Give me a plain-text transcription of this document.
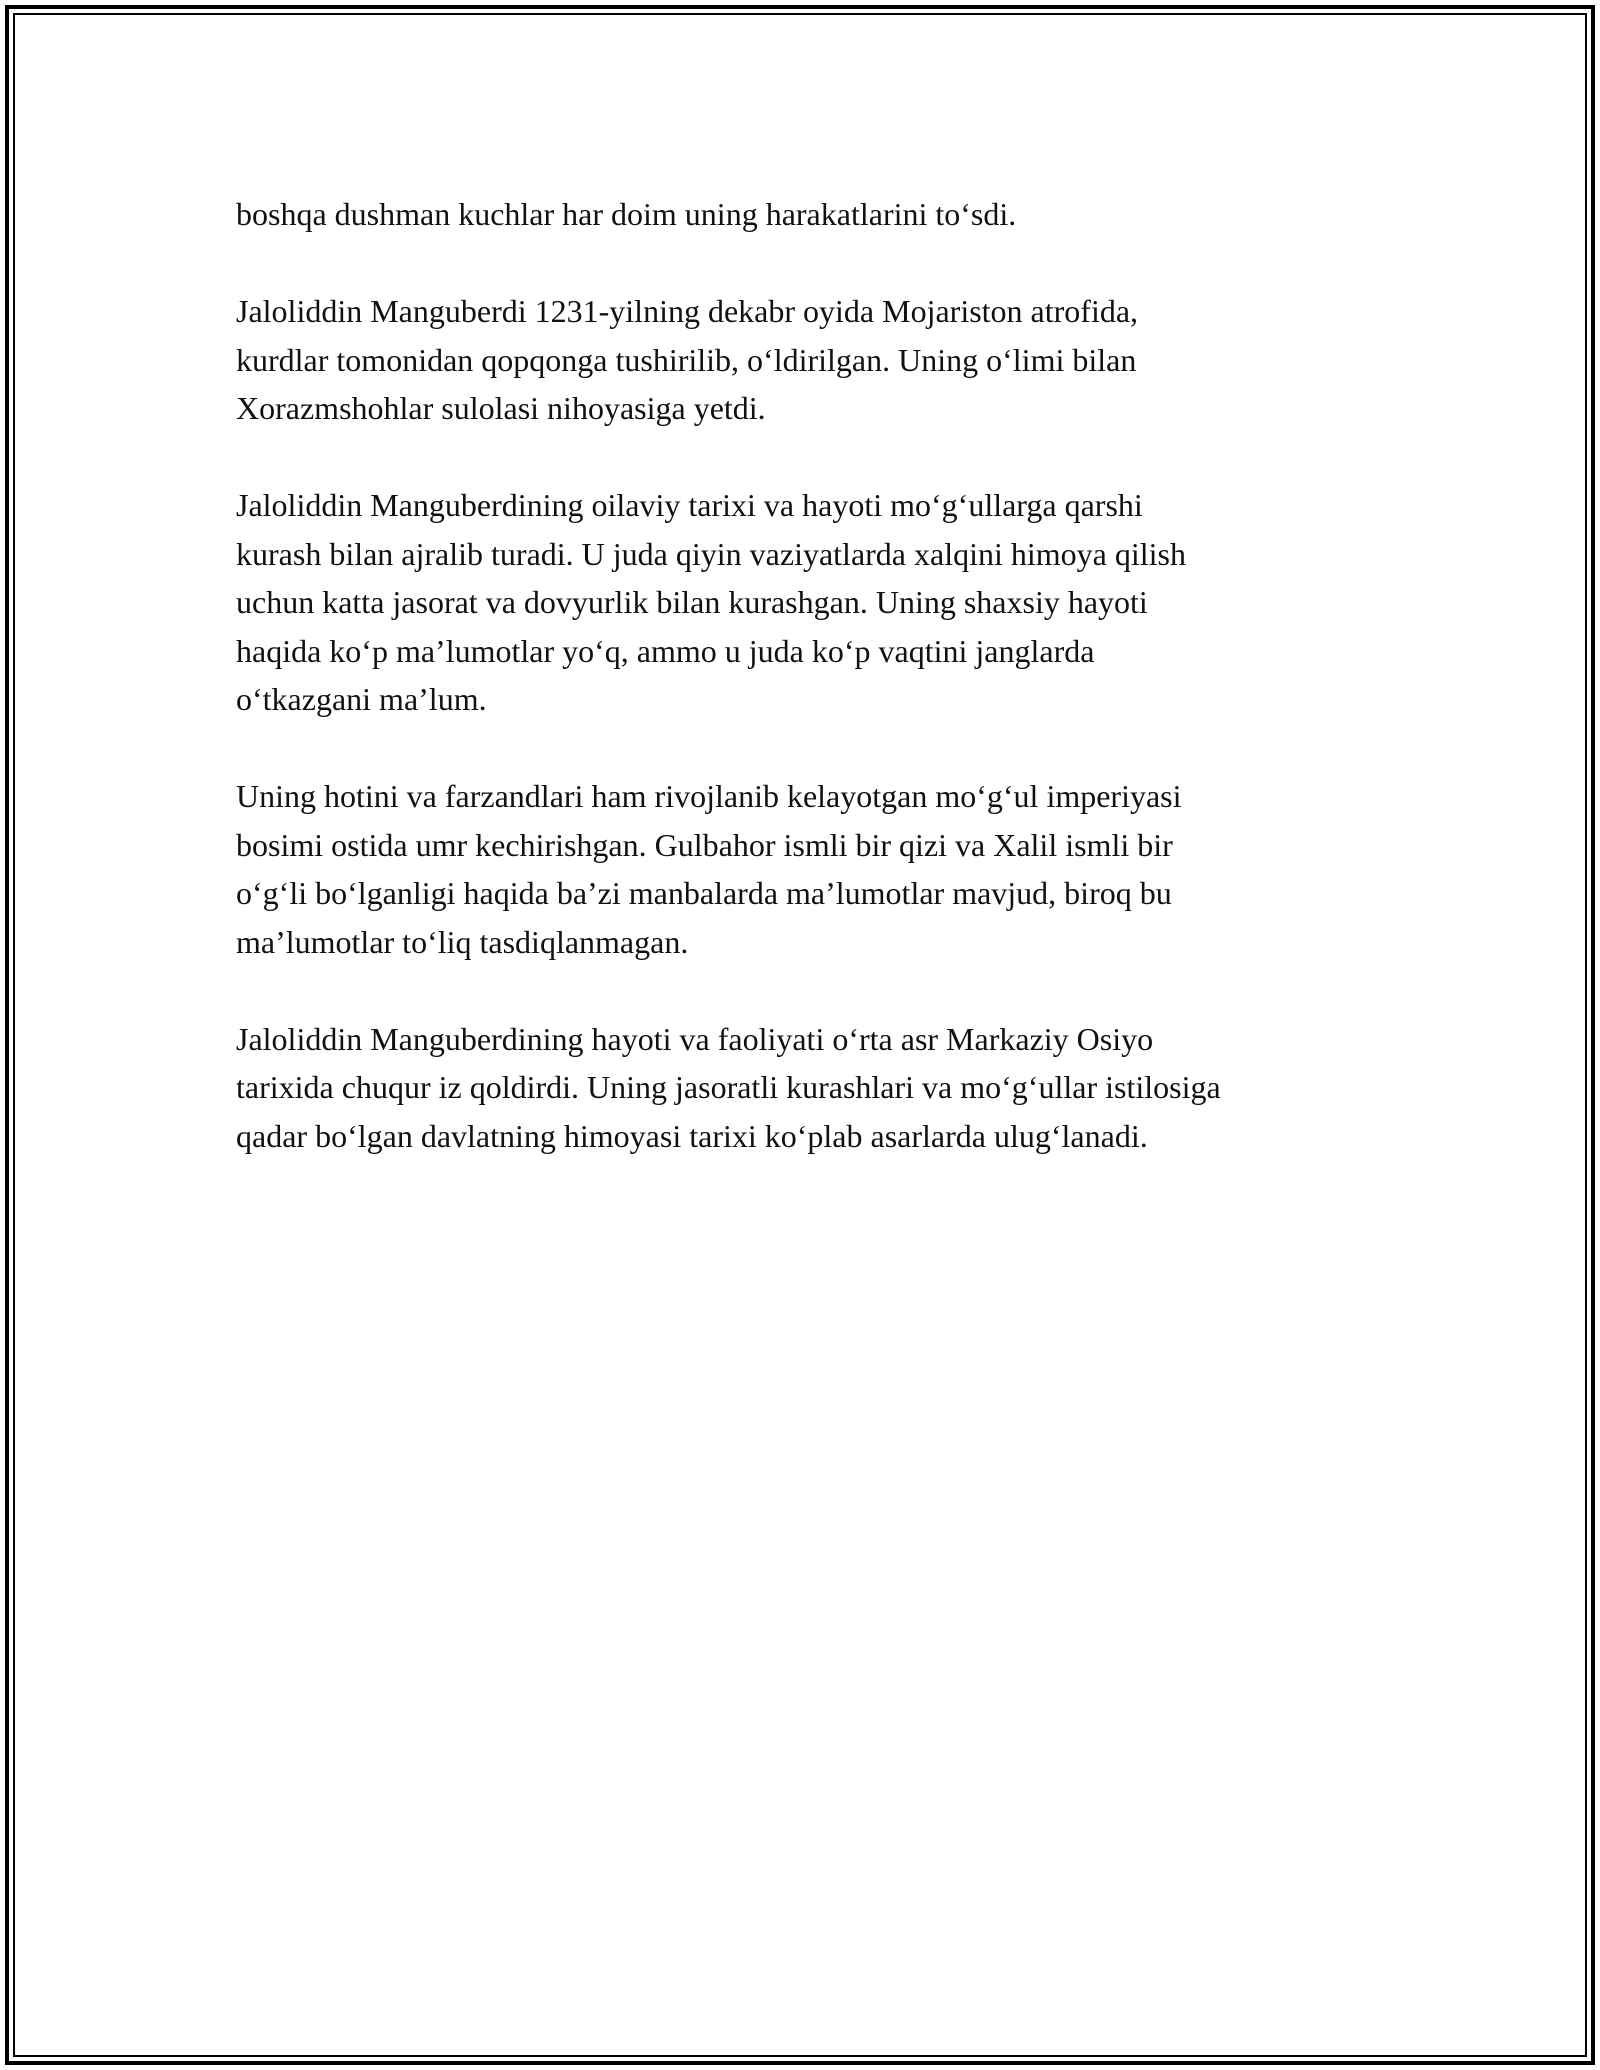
boshqa dushman kuchlar har doim uning harakatlarini to‘sdi.

Jaloliddin Manguberdi 1231-yilning dekabr oyida Mojariston atrofida,
kurdlar tomonidan qopqonga tushirilib, o‘ldirilgan. Uning o‘limi bilan
Xorazmshohlar sulolasi nihoyasiga yetdi.

Jaloliddin Manguberdining oilaviy tarixi va hayoti mo‘g‘ullarga qarshi
kurash bilan ajralib turadi. U juda qiyin vaziyatlarda xalqini himoya qilish
uchun katta jasorat va dovyurlik bilan kurashgan. Uning shaxsiy hayoti
haqida ko‘p ma’lumotlar yo‘q, ammo u juda ko‘p vaqtini janglarda
o‘tkazgani ma’lum.

Uning hotini va farzandlari ham rivojlanib kelayotgan mo‘g‘ul imperiyasi
bosimi ostida umr kechirishgan. Gulbahor ismli bir qizi va Xalil ismli bir
o‘g‘li bo‘lganligi haqida ba’zi manbalarda ma’lumotlar mavjud, biroq bu
ma’lumotlar to‘liq tasdiqlanmagan.

Jaloliddin Manguberdining hayoti va faoliyati o‘rta asr Markaziy Osiyo
tarixida chuqur iz qoldirdi. Uning jasoratli kurashlari va mo‘g‘ullar istilosiga
qadar bo‘lgan davlatning himoyasi tarixi ko‘plab asarlarda ulug‘lanadi.
